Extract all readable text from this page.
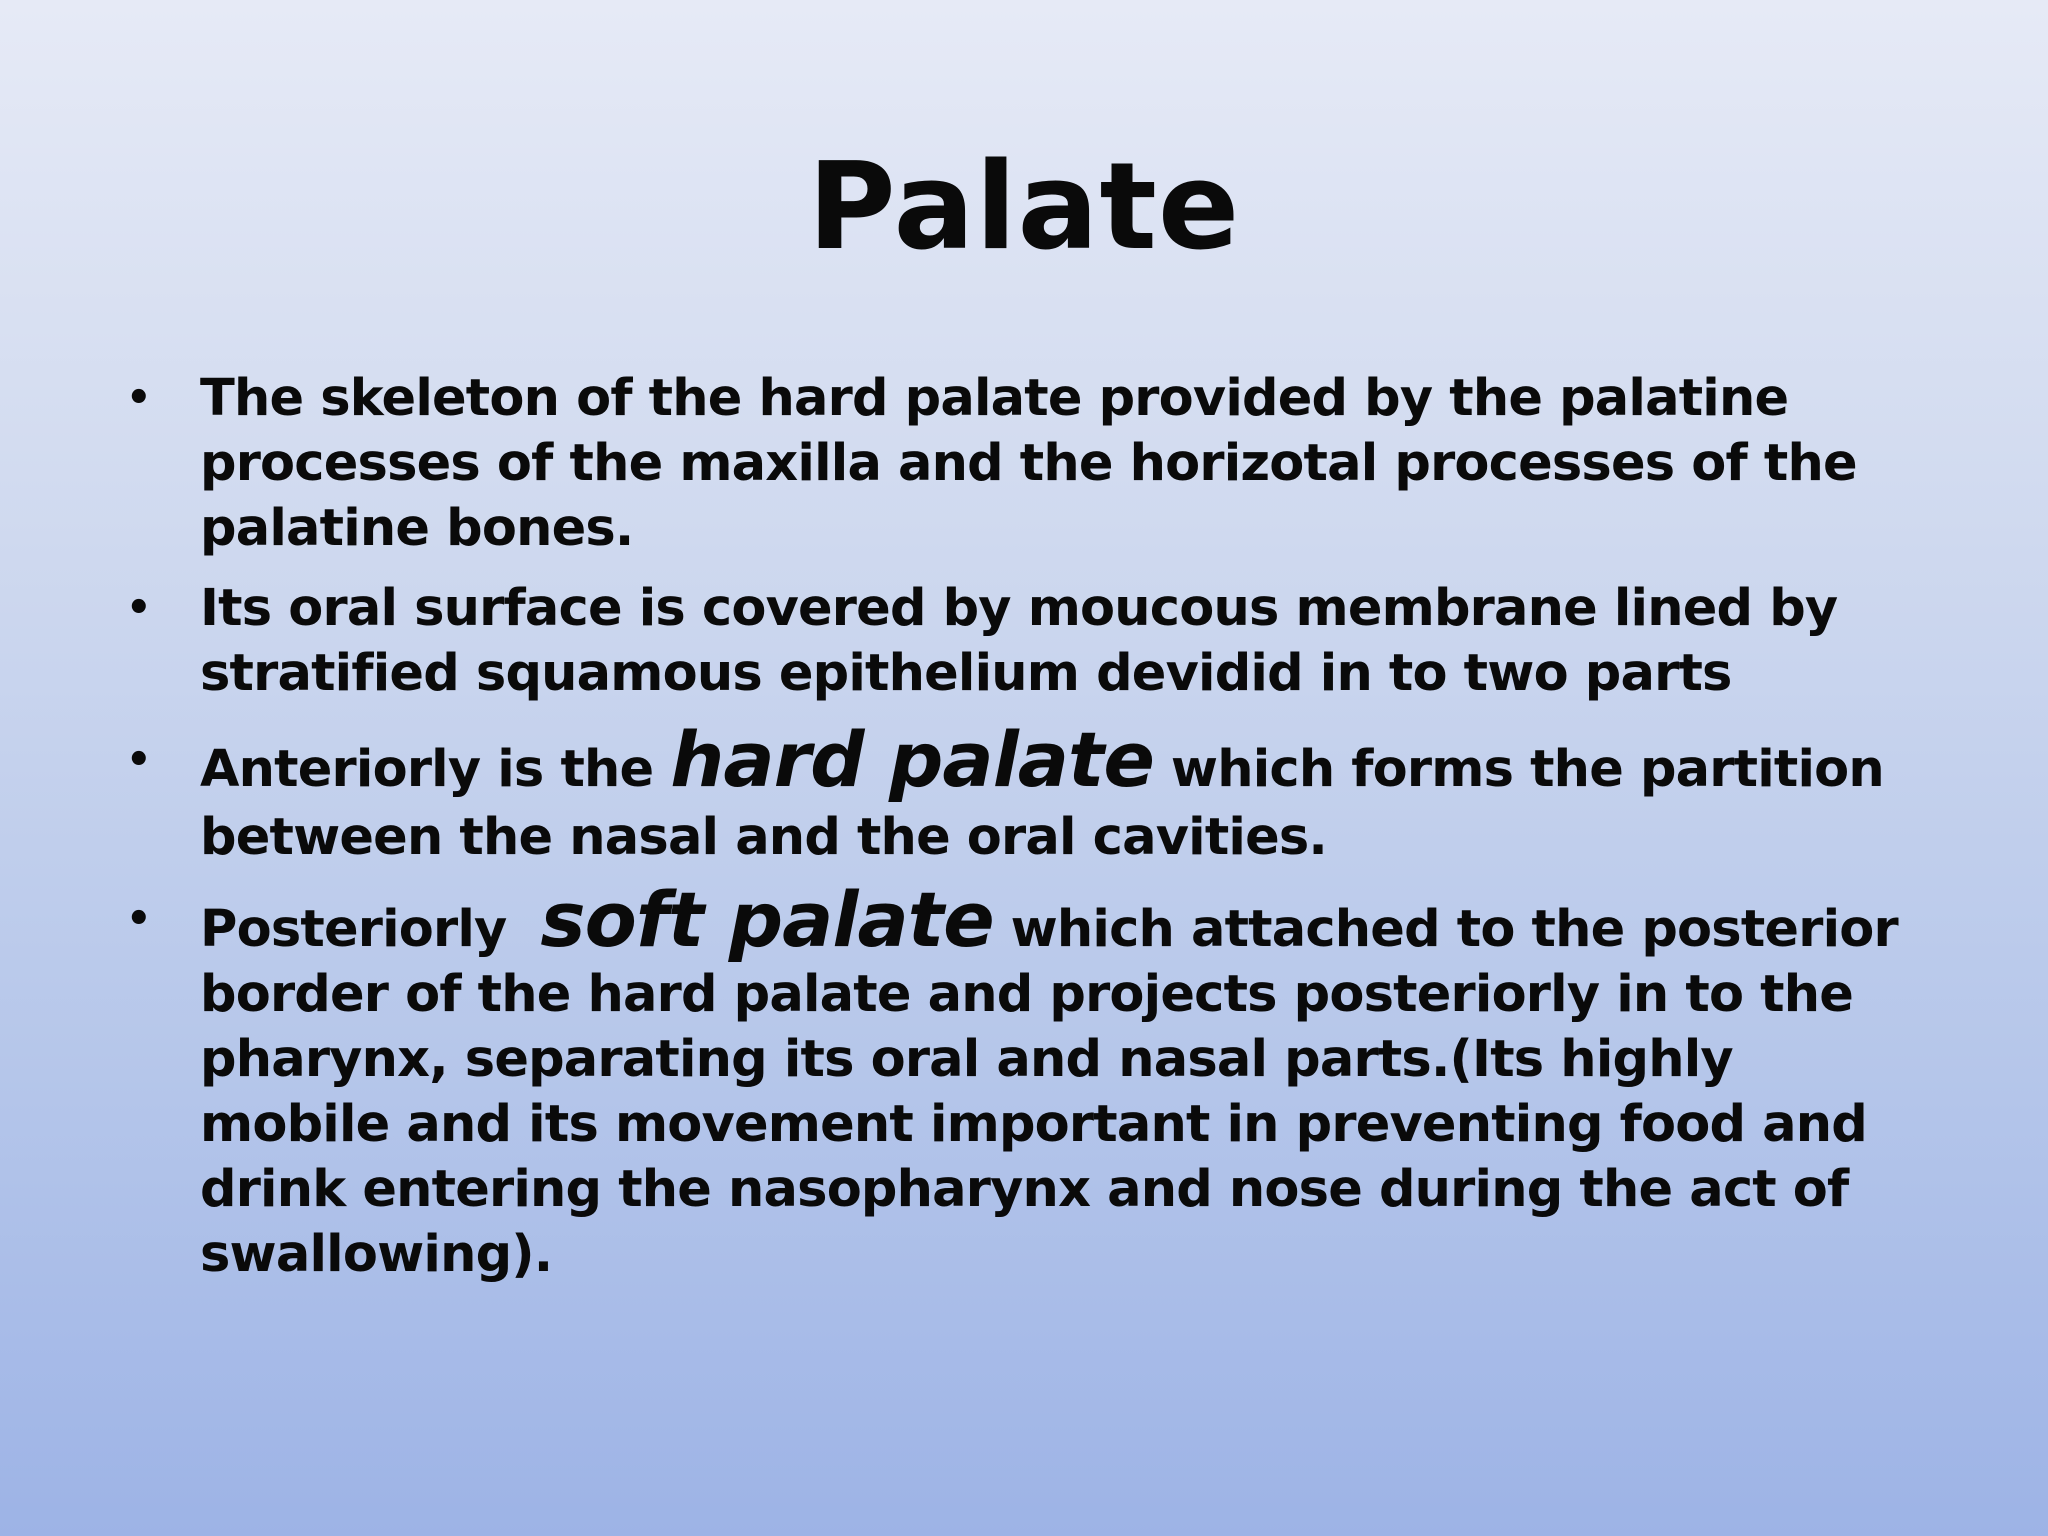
Palate
• The skeleton of the hard palate provided by the palatine processes of the maxilla and the horizotal processes of the palatine bones.
• Its oral surface is covered by moucous membrane lined by stratified squamous epithelium devidid in to two parts
• Anteriorly is the hard palate which forms the partition between the nasal and the oral cavities.
• Posteriorly  soft palate which attached to the posterior border of the hard palate and projects posteriorly in to the pharynx, separating its oral and nasal parts.(Its highly mobile and its movement important in preventing food and drink entering the nasopharynx and nose during the act of swallowing).
